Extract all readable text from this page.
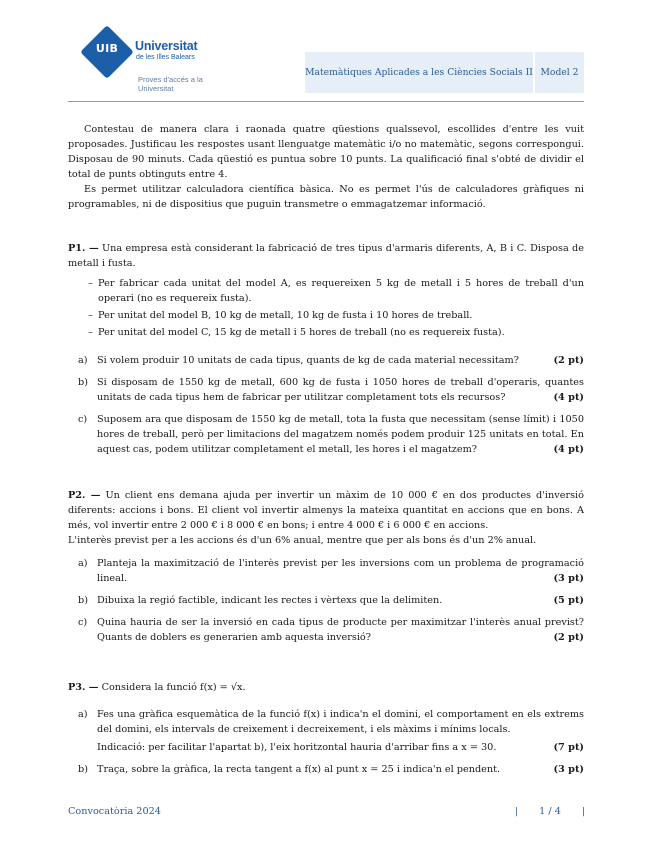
UIB	Universitat
de les Illes Balears
Proves d'accés a la Universitat
Matemàtiques Aplicades a les Ciències Socials II Model 2

Contestau de manera clara i raonada quatre qüestions qualssevol, escollides d'entre les vuit proposades. Justificau les respostes usant llenguatge matemàtic i/o no matemàtic, segons correspongui. Disposau de 90 minuts. Cada qüestió es puntua sobre 10 punts. La qualificació final s'obté de dividir el total de punts obtinguts entre 4.

Es permet utilitzar calculadora científica bàsica. No es permet l'ús de calculadores gràfiques ni programables, ni de dispositius que puguin transmetre o emmagatzemar informació.

P1. — Una empresa està considerant la fabricació de tres tipus d'armaris diferents, A, B i C. Disposa de metall i fusta.
– Per fabricar cada unitat del model A, es requereixen 5 kg de metall i 5 hores de treball d'un operari (no es requereix fusta).
– Per unitat del model B, 10 kg de metall, 10 kg de fusta i 10 hores de treball.
– Per unitat del model C, 15 kg de metall i 5 hores de treball (no es requereix fusta).
a) Si volem produir 10 unitats de cada tipus, quants de kg de cada material necessitam?	(2 pt)
b) Si disposam de 1550 kg de metall, 600 kg de fusta i 1050 hores de treball d'operaris, quantes unitats de cada tipus hem de fabricar per utilitzar completament tots els recursos?	(4 pt)
c) Suposem ara que disposam de 1550 kg de metall, tota la fusta que necessitam (sense límit) i 1050 hores de treball, però per limitacions del magatzem només podem produir 125 unitats en total. En aquest cas, podem utilitzar completament el metall, les hores i el magatzem?	(4 pt)
P2. — Un client ens demana ajuda per invertir un màxim de 10 000 € en dos productes d'inversió diferents: accions i bons. El client vol invertir almenys la mateixa quantitat en accions que en bons. A més, vol invertir entre 2 000 € i 8 000 € en bons; i entre 4 000 € i 6 000 € en accions.
L'interès previst per a les accions és d'un 6% anual, mentre que per als bons és d'un 2% anual.
a) Planteja la maximització de l'interès previst per les inversions com un problema de programació lineal.	(3 pt)
b) Dibuixa la regió factible, indicant les rectes i vèrtexs que la delimiten.	(5 pt)
c) Quina hauria de ser la inversió en cada tipus de producte per maximitzar l'interès anual previst? Quants de doblers es generarien amb aquesta inversió?	(2 pt)
P3. — Considera la funció f(x) = √x.
a) Fes una gràfica esquemàtica de la funció f(x) i indica'n el domini, el comportament en els extrems del domini, els intervals de creixement i decreixement, i els màxims i mínims locals.
Indicació: per facilitar l'apartat b), l'eix horitzontal hauria d'arribar fins a x = 30.	(7 pt)
b) Traça, sobre la gràfica, la recta tangent a f(x) al punt x = 25 i indica'n el pendent.	(3 pt)
Convocatòria 2024	| 1 / 4 |
